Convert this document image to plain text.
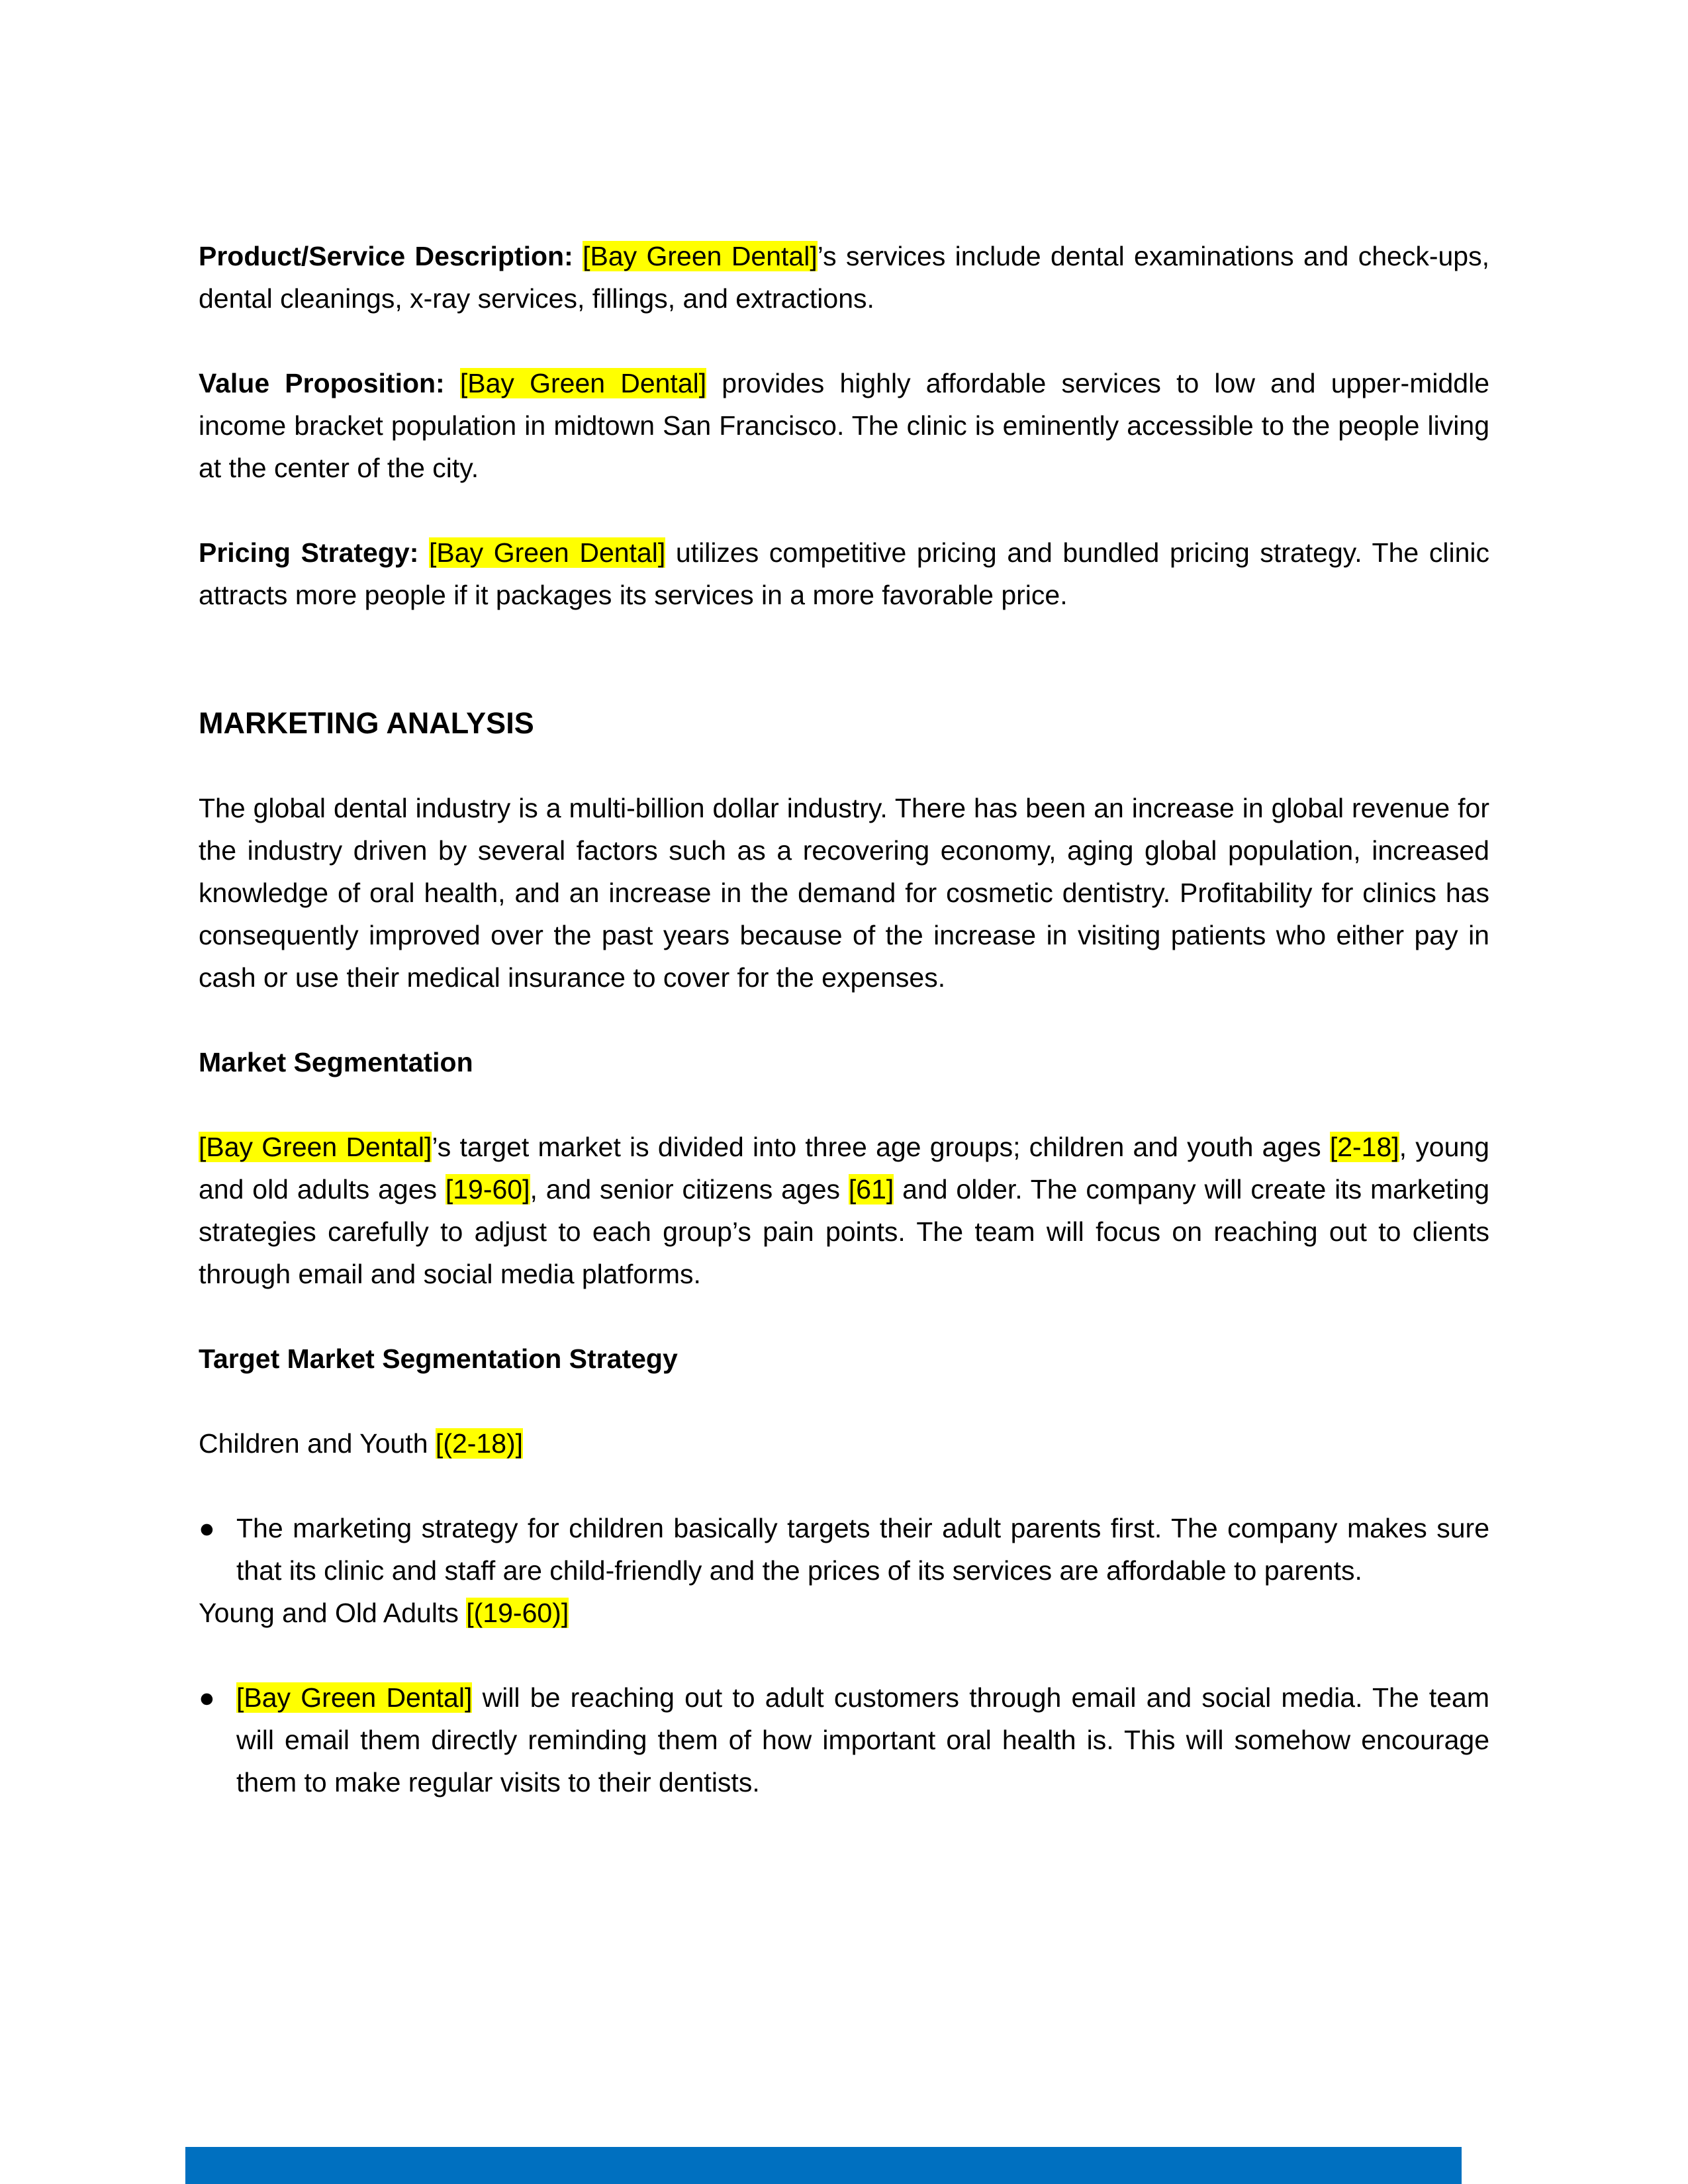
Product/Service Description: [Bay Green Dental]’s services include dental examinations and check-ups, dental cleanings, x-ray services, fillings, and extractions.

Value Proposition: [Bay Green Dental] provides highly affordable services to low and upper-middle income bracket population in midtown San Francisco. The clinic is eminently accessible to the people living at the center of the city.

Pricing Strategy: [Bay Green Dental] utilizes competitive pricing and bundled pricing strategy. The clinic attracts more people if it packages its services in a more favorable price.

MARKETING ANALYSIS

The global dental industry is a multi-billion dollar industry. There has been an increase in global revenue for the industry driven by several factors such as a recovering economy, aging global population, increased knowledge of oral health, and an increase in the demand for cosmetic dentistry. Profitability for clinics has consequently improved over the past years because of the increase in visiting patients who either pay in cash or use their medical insurance to cover for the expenses.

Market Segmentation

[Bay Green Dental]’s target market is divided into three age groups; children and youth ages [2-18], young and old adults ages [19-60], and senior citizens ages [61] and older. The company will create its marketing strategies carefully to adjust to each group’s pain points. The team will focus on reaching out to clients through email and social media platforms.

Target Market Segmentation Strategy

Children and Youth [(2-18)]

● The marketing strategy for children basically targets their adult parents first. The company makes sure that its clinic and staff are child-friendly and the prices of its services are affordable to parents.

Young and Old Adults [(19-60)]

● [Bay Green Dental] will be reaching out to adult customers through email and social media. The team will email them directly reminding them of how important oral health is. This will somehow encourage them to make regular visits to their dentists.
